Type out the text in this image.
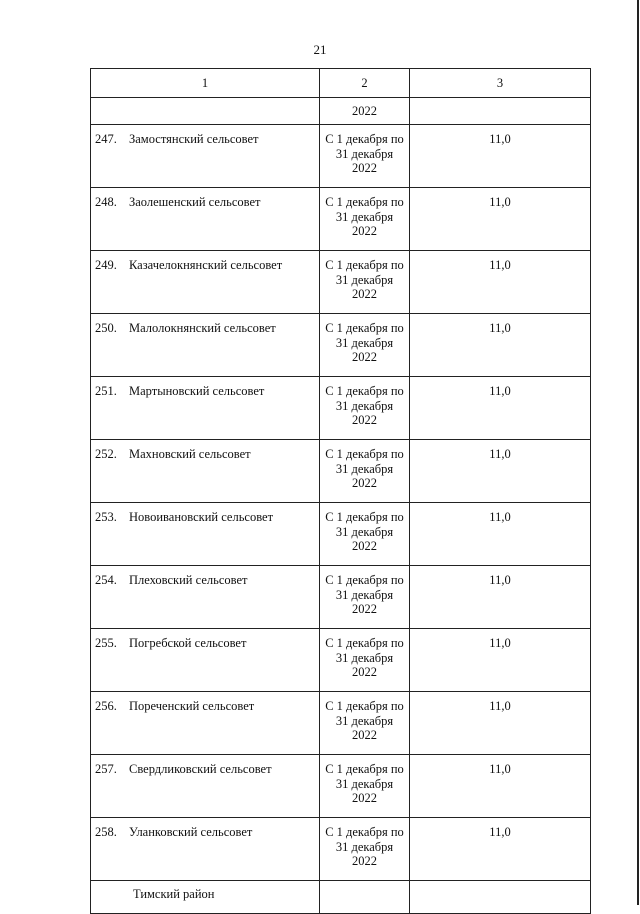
21
1	2	3
	2022	
247. Замостянский сельсовет	С 1 декабря по
31 декабря
2022	11,0
248. Заолешенский сельсовет	С 1 декабря по
31 декабря
2022	11,0
249. Казачелокнянский сельсовет	С 1 декабря по
31 декабря
2022	11,0
250. Малолокнянский сельсовет	С 1 декабря по
31 декабря
2022	11,0
251. Мартыновский сельсовет	С 1 декабря по
31 декабря
2022	11,0
252. Махновский сельсовет	С 1 декабря по
31 декабря
2022	11,0
253. Новоивановский сельсовет	С 1 декабря по
31 декабря
2022	11,0
254. Плеховский сельсовет	С 1 декабря по
31 декабря
2022	11,0
255. Погребской сельсовет	С 1 декабря по
31 декабря
2022	11,0
256. Пореченский сельсовет	С 1 декабря по
31 декабря
2022	11,0
257. Свердликовский сельсовет	С 1 декабря по
31 декабря
2022	11,0
258. Уланковский сельсовет	С 1 декабря по
31 декабря
2022	11,0
Тимский район		
